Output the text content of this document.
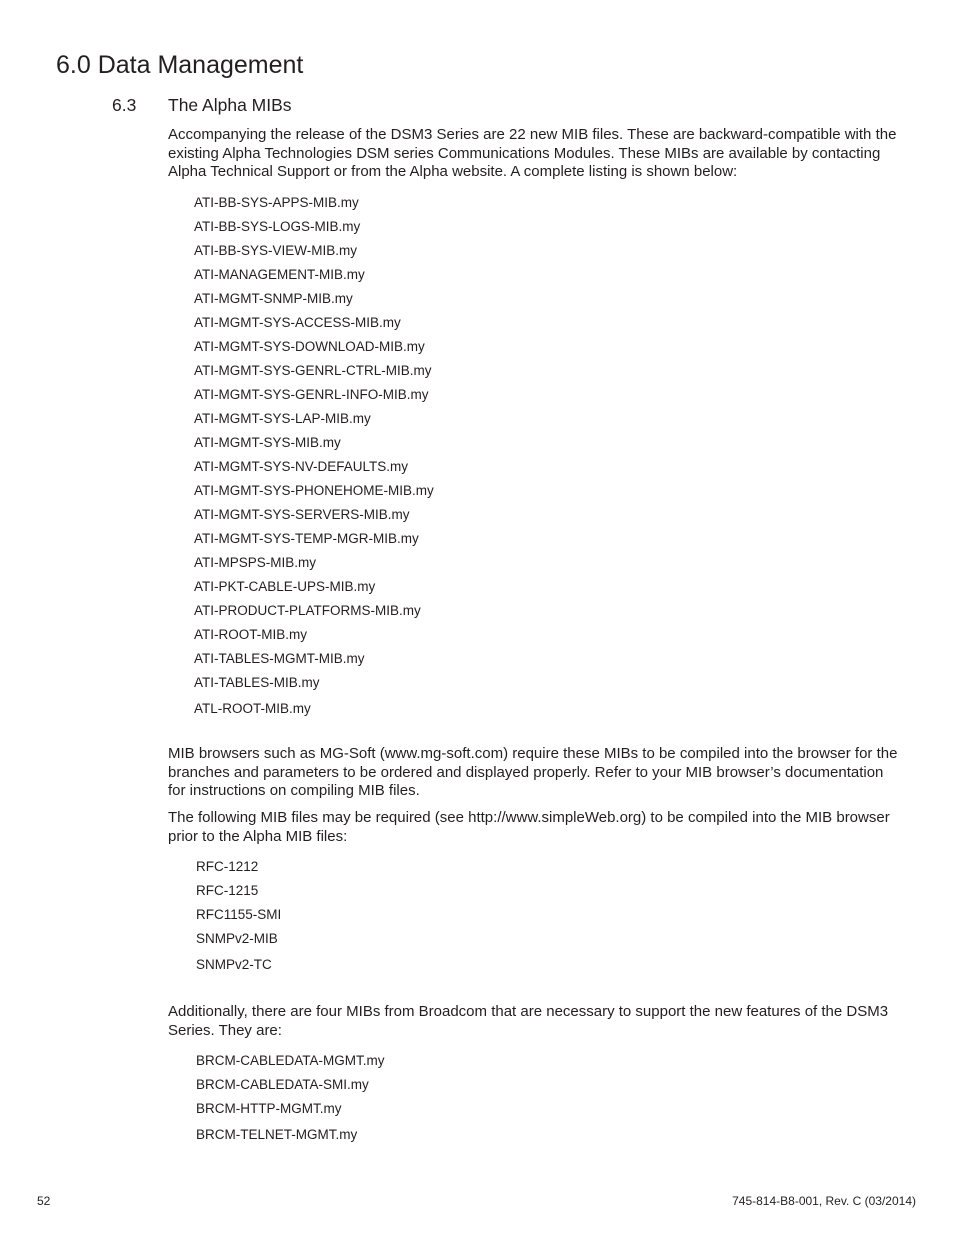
6.0 Data Management
6.3 The Alpha MIBs

Accompanying the release of the DSM3 Series are 22 new MIB files. These are backward-compatible with the existing Alpha Technologies DSM series Communications Modules. These MIBs are available by contacting Alpha Technical Support or from the Alpha website. A complete listing is shown below:

ATI-BB-SYS-APPS-MIB.my
ATI-BB-SYS-LOGS-MIB.my
ATI-BB-SYS-VIEW-MIB.my
ATI-MANAGEMENT-MIB.my
ATI-MGMT-SNMP-MIB.my
ATI-MGMT-SYS-ACCESS-MIB.my
ATI-MGMT-SYS-DOWNLOAD-MIB.my
ATI-MGMT-SYS-GENRL-CTRL-MIB.my
ATI-MGMT-SYS-GENRL-INFO-MIB.my
ATI-MGMT-SYS-LAP-MIB.my
ATI-MGMT-SYS-MIB.my
ATI-MGMT-SYS-NV-DEFAULTS.my
ATI-MGMT-SYS-PHONEHOME-MIB.my
ATI-MGMT-SYS-SERVERS-MIB.my
ATI-MGMT-SYS-TEMP-MGR-MIB.my
ATI-MPSPS-MIB.my
ATI-PKT-CABLE-UPS-MIB.my
ATI-PRODUCT-PLATFORMS-MIB.my
ATI-ROOT-MIB.my
ATI-TABLES-MGMT-MIB.my
ATI-TABLES-MIB.my
ATL-ROOT-MIB.my

MIB browsers such as MG-Soft (www.mg-soft.com) require these MIBs to be compiled into the browser for the branches and parameters to be ordered and displayed properly. Refer to your MIB browser’s documentation for instructions on compiling MIB files.

The following MIB files may be required (see http://www.simpleWeb.org) to be compiled into the MIB browser prior to the Alpha MIB files:

RFC-1212
RFC-1215
RFC1155-SMI
SNMPv2-MIB
SNMPv2-TC

Additionally, there are four MIBs from Broadcom that are necessary to support the new features of the DSM3 Series. They are:

BRCM-CABLEDATA-MGMT.my
BRCM-CABLEDATA-SMI.my
BRCM-HTTP-MGMT.my
BRCM-TELNET-MGMT.my
52	745-814-B8-001, Rev. C (03/2014)
